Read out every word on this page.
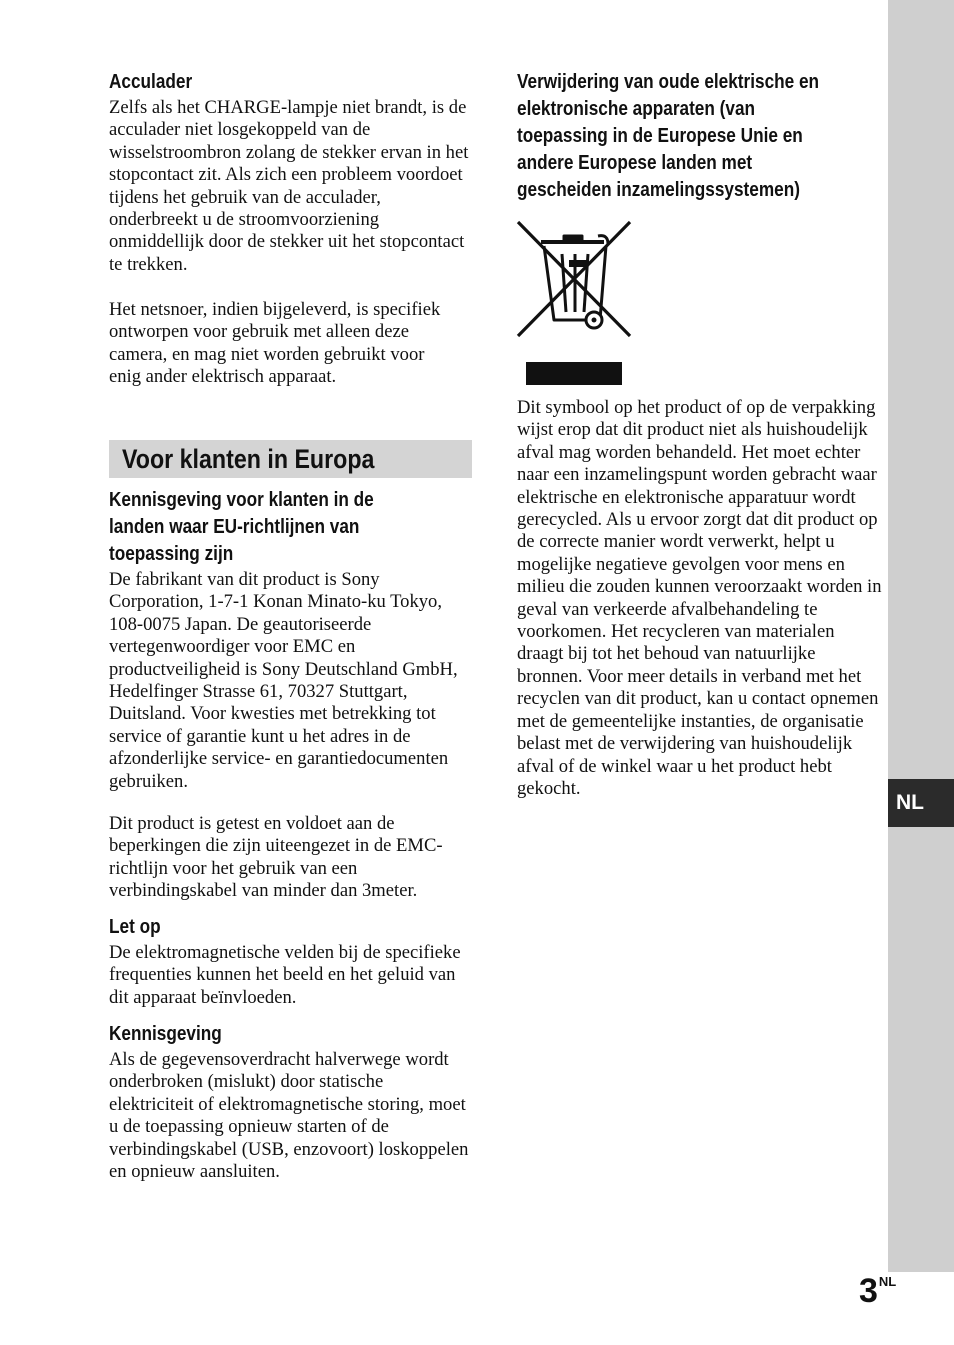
NL
Acculader

Zelfs als het CHARGE-lampje niet brandt, is de acculader niet losgekoppeld van de wisselstroombron zolang de stekker ervan in het stopcontact zit. Als zich een probleem voordoet tijdens het gebruik van de acculader, onderbreekt u de stroomvoorziening onmiddellijk door de stekker uit het stopcontact te trekken.

Het netsnoer, indien bijgeleverd, is specifiek ontworpen voor gebruik met alleen deze camera, en mag niet worden gebruikt voor enig ander elektrisch apparaat.

Voor klanten in Europa
Kennisgeving voor klanten in de
landen waar EU-richtlijnen van
toepassing zijn

De fabrikant van dit product is Sony Corporation, 1-7-1 Konan Minato-ku Tokyo, 108-0075 Japan. De geautoriseerde vertegenwoordiger voor EMC en productveiligheid is Sony Deutschland GmbH, Hedelfinger Strasse 61, 70327 Stuttgart, Duitsland. Voor kwesties met betrekking tot service of garantie kunt u het adres in de afzonderlijke service- en garantiedocumenten gebruiken.

Dit product is getest en voldoet aan de beperkingen die zijn uiteengezet in de EMC-richtlijn voor het gebruik van een verbindingskabel van minder dan 3meter.

Let op

De elektromagnetische velden bij de specifieke frequenties kunnen het beeld en het geluid van dit apparaat beïnvloeden.

Kennisgeving

Als de gegevensoverdracht halverwege wordt onderbroken (mislukt) door statische elektriciteit of elektromagnetische storing, moet u de toepassing opnieuw starten of de verbindingskabel (USB, enzovoort) loskoppelen en opnieuw aansluiten.

Verwijdering van oude elektrische en
elektronische apparaten (van
toepassing in de Europese Unie en
andere Europese landen met
gescheiden inzamelingssystemen)

Dit symbool op het product of op de verpakking wijst erop dat dit product niet als huishoudelijk afval mag worden behandeld. Het moet echter naar een inzamelingspunt worden gebracht waar elektrische en elektronische apparatuur wordt gerecycled. Als u ervoor zorgt dat dit product op de correcte manier wordt verwerkt, helpt u mogelijke negatieve gevolgen voor mens en milieu die zouden kunnen veroorzaakt worden in geval van verkeerde afvalbehandeling te voorkomen. Het recycleren van materialen draagt bij tot het behoud van natuurlijke bronnen. Voor meer details in verband met het recyclen van dit product, kan u contact opnemen met de gemeentelijke instanties, de organisatie belast met de verwijdering van huishoudelijk afval of de winkel waar u het product hebt gekocht.

$3^{NL}$
